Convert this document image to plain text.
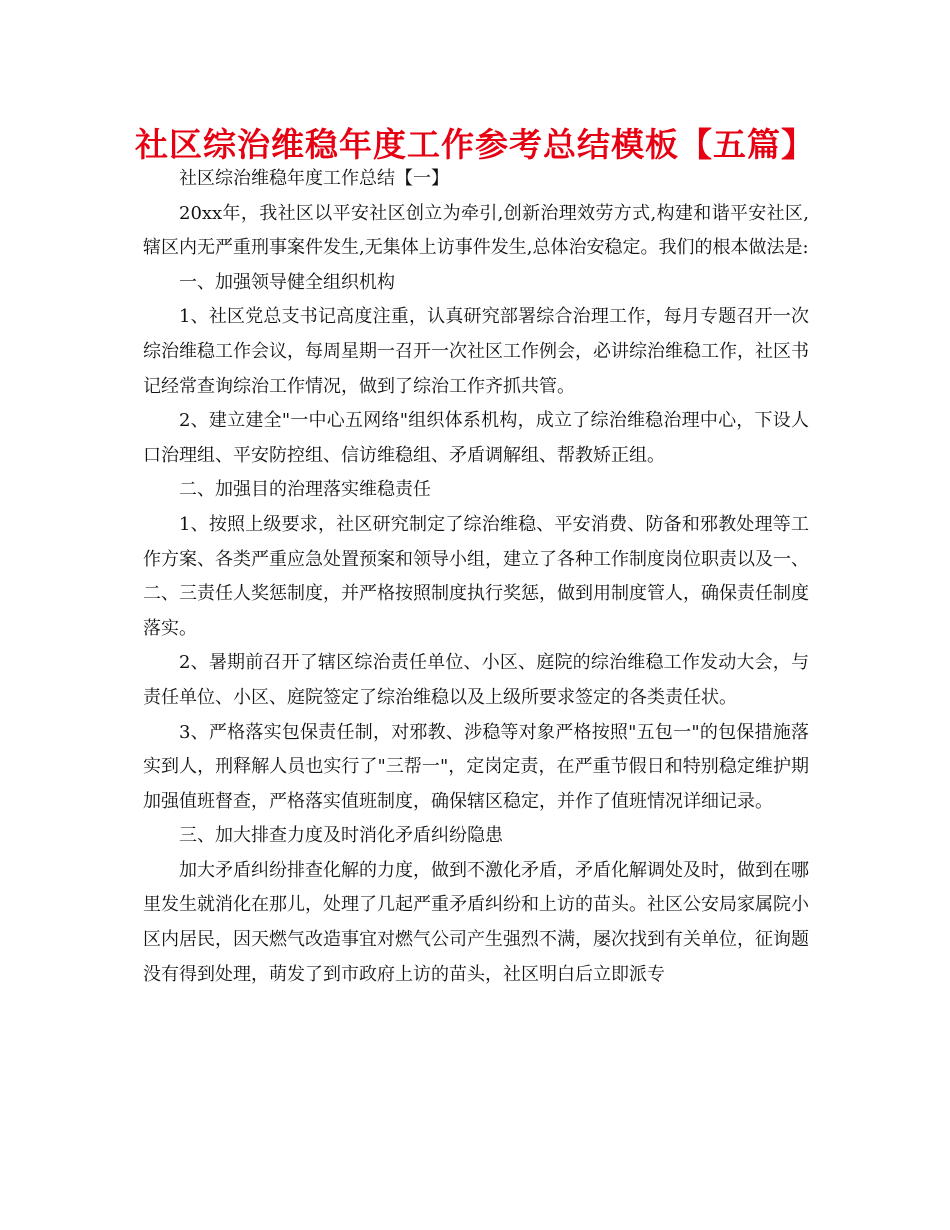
社区综治维稳年度工作参考总结模板【五篇】

社区综治维稳年度工作总结【一】

20xx年，我社区以平安社区创立为牵引,创新治理效劳方式,构建和谐平安社区,辖区内无严重刑事案件发生,无集体上访事件发生,总体治安稳定。我们的根本做法是:

一、加强领导健全组织机构

1、社区党总支书记高度注重，认真研究部署综合治理工作，每月专题召开一次综治维稳工作会议，每周星期一召开一次社区工作例会，必讲综治维稳工作，社区书记经常查询综治工作情况，做到了综治工作齐抓共管。

2、建立建全"一中心五网络"组织体系机构，成立了综治维稳治理中心，下设人口治理组、平安防控组、信访维稳组、矛盾调解组、帮教矫正组。

二、加强目的治理落实维稳责任

1、按照上级要求，社区研究制定了综治维稳、平安消费、防备和邪教处理等工作方案、各类严重应急处置预案和领导小组，建立了各种工作制度岗位职责以及一、二、三责任人奖惩制度，并严格按照制度执行奖惩，做到用制度管人，确保责任制度落实。

2、暑期前召开了辖区综治责任单位、小区、庭院的综治维稳工作发动大会，与责任单位、小区、庭院签定了综治维稳以及上级所要求签定的各类责任状。

3、严格落实包保责任制，对邪教、涉稳等对象严格按照"五包一"的包保措施落实到人，刑释解人员也实行了"三帮一"，定岗定责，在严重节假日和特别稳定维护期加强值班督查，严格落实值班制度，确保辖区稳定，并作了值班情况详细记录。

三、加大排查力度及时消化矛盾纠纷隐患

加大矛盾纠纷排查化解的力度，做到不激化矛盾，矛盾化解调处及时，做到在哪里发生就消化在那儿，处理了几起严重矛盾纠纷和上访的苗头。社区公安局家属院小区内居民，因天燃气改造事宜对燃气公司产生强烈不满，屡次找到有关单位，征询题没有得到处理，萌发了到市政府上访的苗头，社区明白后立即派专
